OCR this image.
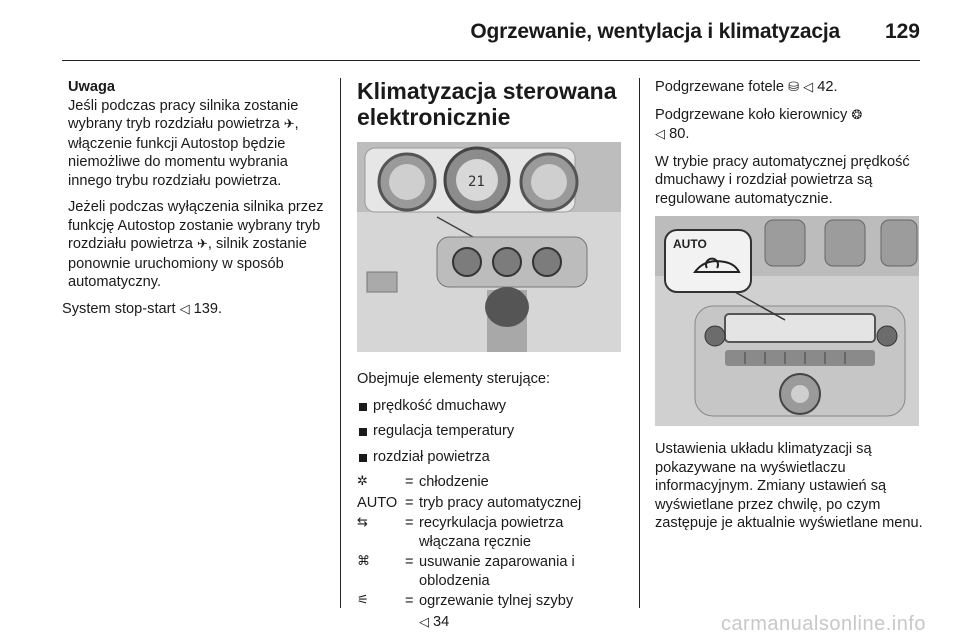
Ogrzewanie, wentylacja i klimatyzacja 129

Uwaga

Jeśli podczas pracy silnika zostanie wybrany tryb rozdziału powietrza ✈, włączenie funkcji Autostop będzie niemożliwe do momentu wybrania innego trybu rozdziału powietrza.

Jeżeli podczas wyłączenia silnika przez funkcję Autostop zostanie wybrany tryb rozdziału powietrza ✈, silnik zostanie ponownie uruchomiony w sposób automatyczny.

System stop-start ◁ 139.

Klimatyzacja sterowana elektronicznie
21

Obejmuje elementy sterujące:

prędkość dmuchawy
regulacja temperatury
rozdział powietrza
✲	= chłodzenie
AUTO = tryb pracy automatycznej
⇆	= recyrkulacja powietrza włączana ręcznie
⌘	= usuwanie zaparowania i oblodzenia
⚟	= ogrzewanie tylnej szyby
◁ 34

Podgrzewane fotele ⛁ ◁ 42.

Podgrzewane koło kierownicy ❂
◁ 80.

W trybie pracy automatycznej prędkość dmuchawy i rozdział powietrza są regulowane automatycznie.

AUTO

Ustawienia układu klimatyzacji są pokazywane na wyświetlaczu informacyjnym. Zmiany ustawień są wyświetlane przez chwilę, po czym zastępuje je aktualnie wyświetlane menu.

carmanualsonline.info
